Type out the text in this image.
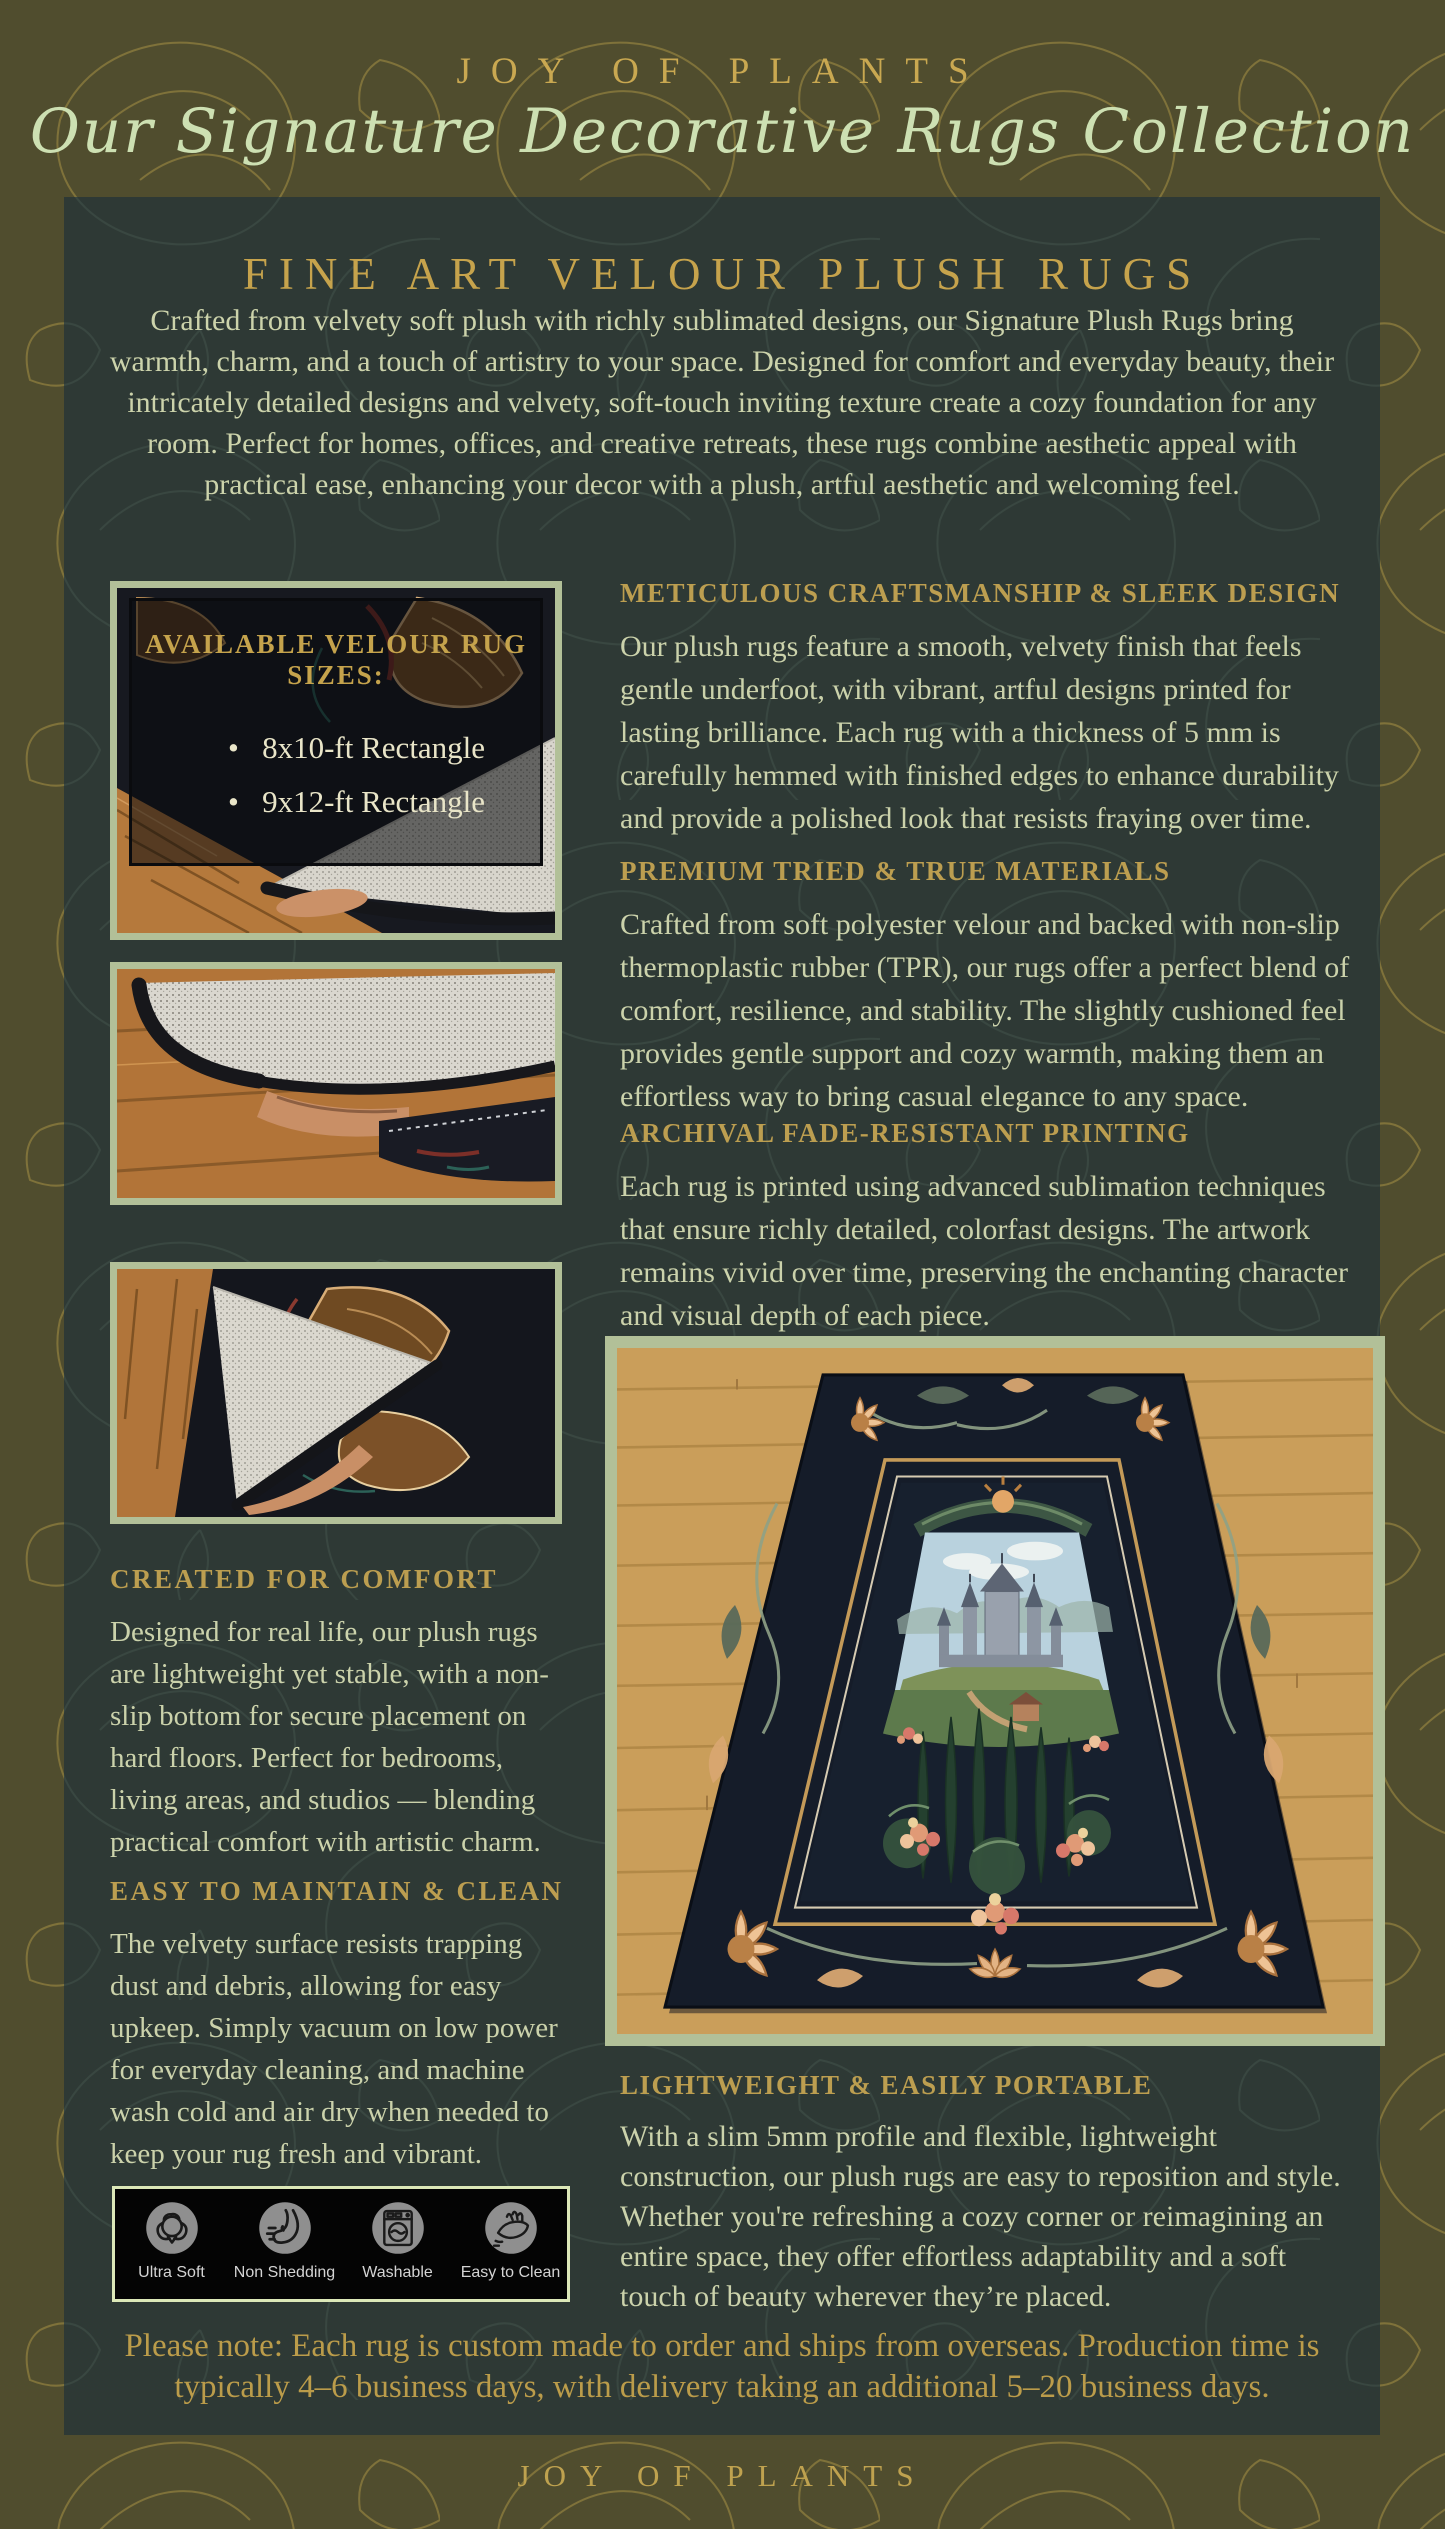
JOY OF PLANTS
Our Signature Decorative Rugs Collection
FINE ART VELOUR PLUSH RUGS

Crafted from velvety soft plush with richly sublimated designs, our Signature Plush Rugs bring warmth, charm, and a touch of artistry to your space. Designed for comfort and everyday beauty, their intricately detailed designs and velvety, soft-touch inviting texture create a cozy foundation for any room. Perfect for homes, offices, and creative retreats, these rugs combine aesthetic appeal with practical ease, enhancing your decor with a plush, artful aesthetic and welcoming feel.

AVAILABLE VELOUR RUG SIZES:
•   8x10-ft Rectangle
•   9x12-ft Rectangle
METICULOUS CRAFTSMANSHIP & SLEEK DESIGN

Our plush rugs feature a smooth, velvety finish that feels gentle underfoot, with vibrant, artful designs printed for lasting brilliance. Each rug with a thickness of 5 mm is carefully hemmed with finished edges to enhance durability and provide a polished look that resists fraying over time.

PREMIUM TRIED & TRUE MATERIALS

Crafted from soft polyester velour and backed with non-slip thermoplastic rubber (TPR), our rugs offer a perfect blend of comfort, resilience, and stability. The slightly cushioned feel provides gentle support and cozy warmth, making them an effortless way to bring casual elegance to any space.

ARCHIVAL FADE-RESISTANT PRINTING

Each rug is printed using advanced sublimation techniques that ensure richly detailed, colorfast designs. The artwork remains vivid over time, preserving the enchanting character and visual depth of each piece.

CREATED FOR COMFORT

Designed for real life, our plush rugs are lightweight yet stable, with a non-slip bottom for secure placement on hard floors. Perfect for bedrooms, living areas, and studios — blending practical comfort with artistic charm.

EASY TO MAINTAIN & CLEAN

The velvety surface resists trapping dust and debris, allowing for easy upkeep. Simply vacuum on low power for everyday cleaning, and machine wash cold and air dry when needed to keep your rug fresh and vibrant.

Ultra Soft	Non Shedding	Washable	Easy to Clean
LIGHTWEIGHT & EASILY PORTABLE

With a slim 5mm profile and flexible, lightweight construction, our plush rugs are easy to reposition and style. Whether you're refreshing a cozy corner or reimagining an entire space, they offer effortless adaptability and a soft touch of beauty wherever they’re placed.

Please note: Each rug is custom made to order and ships from overseas. Production time is typically 4–6 business days, with delivery taking an additional 5–20 business days.

JOY OF PLANTS
